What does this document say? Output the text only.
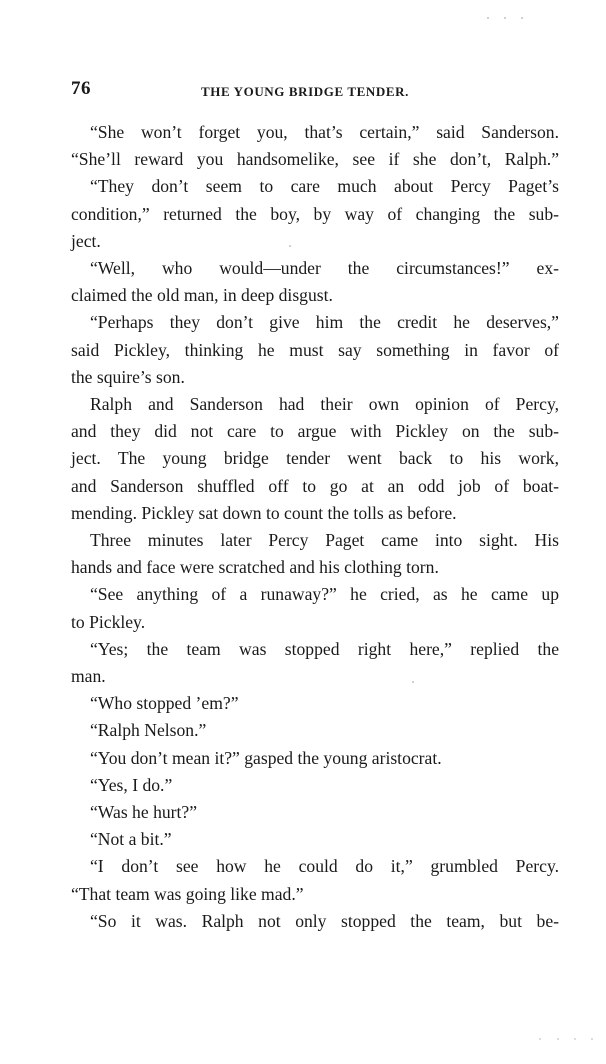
76	THE YOUNG BRIDGE TENDER.

“She won’t forget you, that’s certain,” said Sanderson.
“She’ll reward you handsomelike, see if she don’t, Ralph.”

“They don’t seem to care much about Percy Paget’s
condition,” returned the boy, by way of changing the sub-
ject.

“Well, who would—under the circumstances!” ex-
claimed the old man, in deep disgust.

“Perhaps they don’t give him the credit he deserves,”
said Pickley, thinking he must say something in favor of
the squire’s son.

Ralph and Sanderson had their own opinion of Percy,
and they did not care to argue with Pickley on the sub-
ject. The young bridge tender went back to his work,
and Sanderson shuffled off to go at an odd job of boat-
mending. Pickley sat down to count the tolls as before.

Three minutes later Percy Paget came into sight. His
hands and face were scratched and his clothing torn.

“See anything of a runaway?” he cried, as he came up
to Pickley.

“Yes; the team was stopped right here,” replied the
man.

“Who stopped ’em?”

“Ralph Nelson.”

“You don’t mean it?” gasped the young aristocrat.

“Yes, I do.”

“Was he hurt?”

“Not a bit.”

“I don’t see how he could do it,” grumbled Percy.
“That team was going like mad.”

“So it was. Ralph not only stopped the team, but be-
